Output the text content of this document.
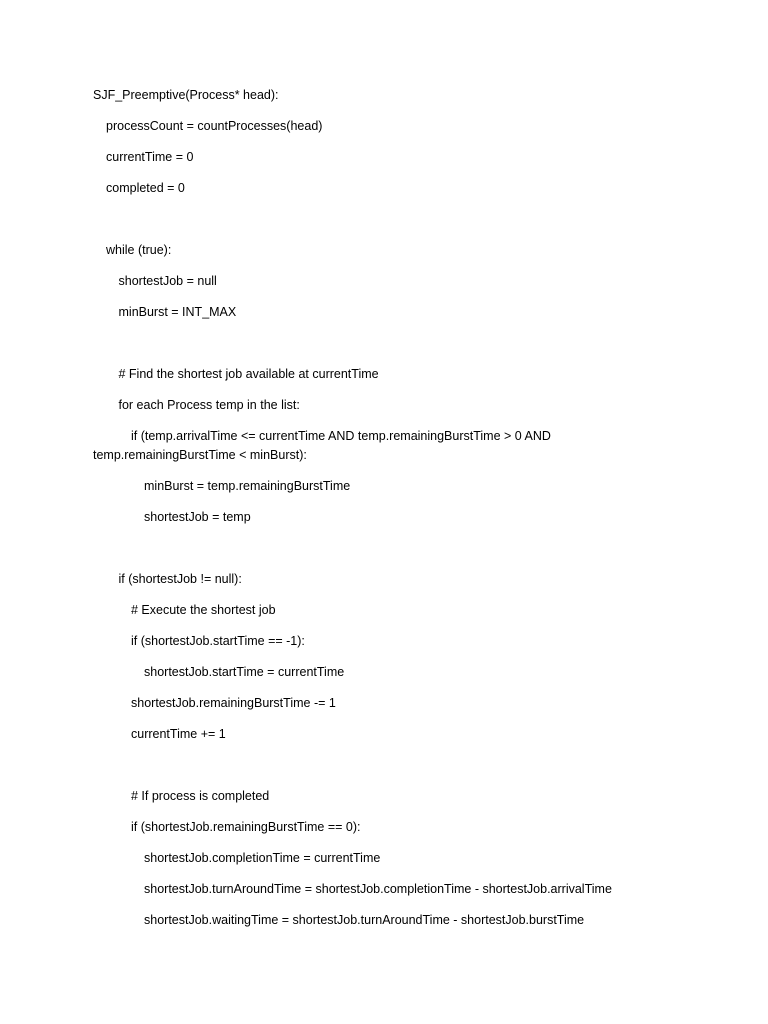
SJF_Preemptive(Process* head):
processCount = countProcesses(head)
currentTime = 0
completed = 0
while (true):
shortestJob = null
minBurst = INT_MAX
# Find the shortest job available at currentTime
for each Process temp in the list:
if (temp.arrivalTime <= currentTime AND temp.remainingBurstTime > 0 AND
temp.remainingBurstTime < minBurst):
minBurst = temp.remainingBurstTime
shortestJob = temp
if (shortestJob != null):
# Execute the shortest job
if (shortestJob.startTime == -1):
shortestJob.startTime = currentTime
shortestJob.remainingBurstTime -= 1
currentTime += 1
# If process is completed
if (shortestJob.remainingBurstTime == 0):
shortestJob.completionTime = currentTime
shortestJob.turnAroundTime = shortestJob.completionTime - shortestJob.arrivalTime
shortestJob.waitingTime = shortestJob.turnAroundTime - shortestJob.burstTime
